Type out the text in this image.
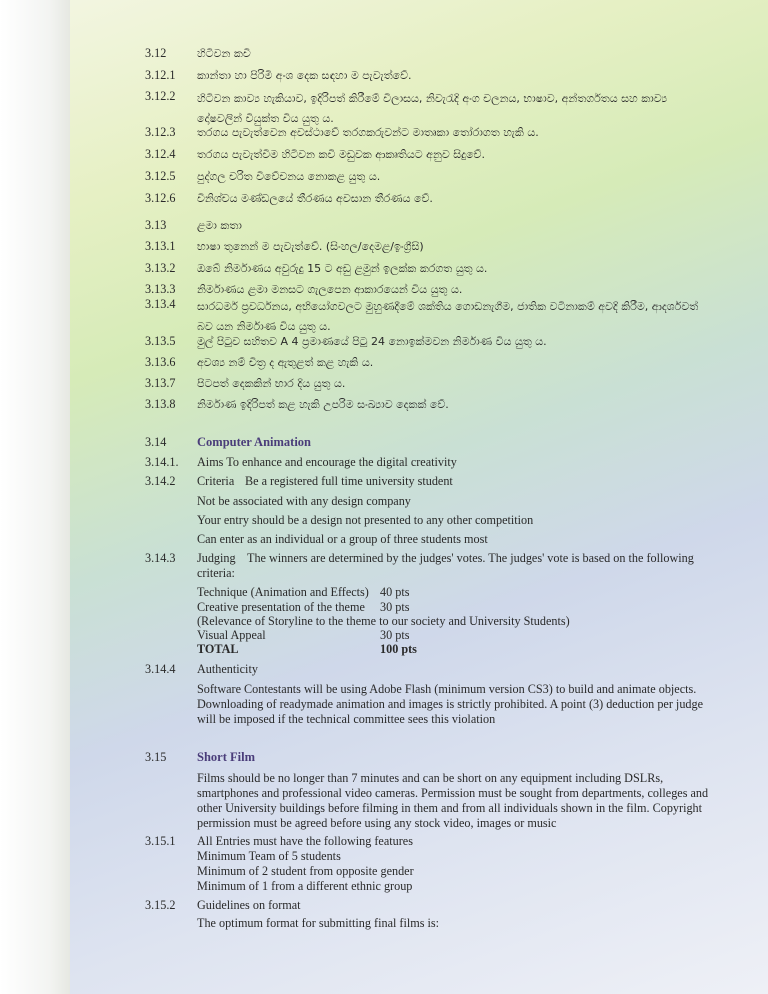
3.12	හිටිවන කවි
3.12.1 කාන්තා හා පිරිමි අංශ දෙක සඳහා ම පැවැත්වේ.
3.12.2 හිටිවන කාව්‍ය හැකියාව, ඉදිරිපත් කිරීමේ විලාසය, නිවැරැදි අංග චලනය, භාෂාව, අන්තර්ගතය සහ කාව්‍ය දෝෂවලින් වියුක්ත විය යුතු ය.
3.12.3 තරගය පැවැත්වෙන අවස්ථාවේ තරගකරුවන්ට මාතෘකා තෝරාගත හැකි ය.
3.12.4 තරගය පැවැත්වීම හිටිවන කවි මඩුවක ආකෘතියට අනුව සිදුවේ.
3.12.5 පුද්ගල චරිත විවේචනය නොකළ යුතු ය.
3.12.6 විනිශ්චය මණ්ඩලයේ තීරණය අවසාන තීරණය වේ.
3.13	ළමා කතා
3.13.1 භාෂා තුනෙන් ම පැවැත්වේ. (සිංහල/දෙමළ/ඉංග්‍රීසි)
3.13.2 ඔබේ නිර්මාණය අවුරුදු 15 ට අඩු ළමුන් ඉලක්ක කරගත යුතු ය.
3.13.3 නිර්මාණය ළමා මනසට ගැලපෙන ආකාරයෙන් විය යුතු ය.
3.13.4 සාරධර්ම ප්‍රවර්ධනය, අභියෝගවලට මුහුණදීමේ ශක්තිය ගොඩනැගීම, ජාතික වටිනාකම් අවදි කිරීම, ආදර්ශවත් බව යන නිර්මාණ විය යුතු ය.
3.13.5 මුල් පිටුව සහිතව A 4 ප්‍රමාණයේ පිටු 24 නොඉක්මවන නිර්මාණ විය යුතු ය.
3.13.6 අවශ්‍ය නම් චිත්‍ර ද ඇතුළත් කළ හැකි ය.
3.13.7 පිටපත් දෙකකින් භාර දිය යුතු ය.
3.13.8 නිර්මාණ ඉදිරිපත් කළ හැකි උපරිම සංඛ්‍යාව දෙකක් වේ.
3.14 Computer Animation
3.14.1. Aims To enhance and encourage the digital creativity
3.14.2 Criteria Be a registered full time university student
Not be associated with any design company
Your entry should be a design not presented to any other competition
Can enter as an individual or a group of three students most
3.14.3 Judging The winners are determined by the judges' votes. The judges' vote is based on the following
criteria:
Technique (Animation and Effects) 40 pts
Creative presentation of the theme 30 pts
(Relevance of Storyline to the theme to our society and University Students)
Visual Appeal	30 pts
TOTAL	100 pts
3.14.4 Authenticity
Software Contestants will be using Adobe Flash (minimum version CS3) to build and animate objects.
Downloading of readymade animation and images is strictly prohibited. A point (3) deduction per judge
will be imposed if the technical committee sees this violation
3.15 Short Film
Films should be no longer than 7 minutes and can be short on any equipment including DSLRs,
smartphones and professional video cameras. Permission must be sought from departments, colleges and
other University buildings before filming in them and from all individuals shown in the film. Copyright
permission must be agreed before using any stock video, images or music
3.15.1 All Entries must have the following features
Minimum Team of 5 students
Minimum of 2 student from opposite gender
Minimum of 1 from a different ethnic group
3.15.2 Guidelines on format
The optimum format for submitting final films is:
